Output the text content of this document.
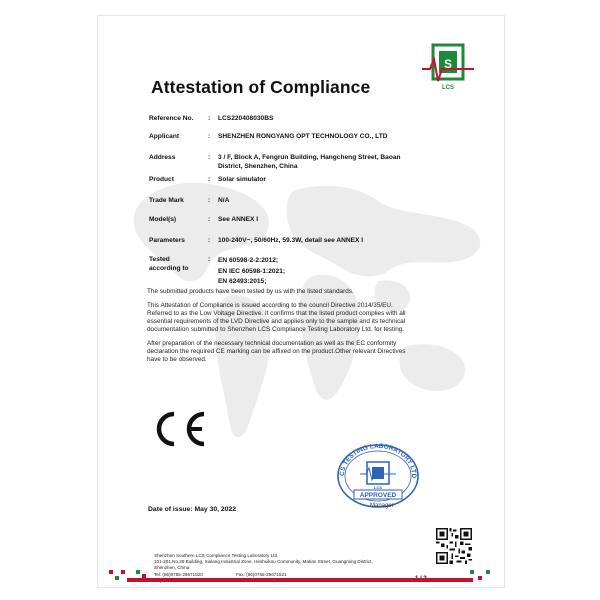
S
LCS
Attestation of Compliance
Reference No.	: LCS220408030BS
Applicant	: SHENZHEN RONGYANG OPT TECHNOLOGY CO., LTD
Address	: 3 / F, Block A, Fengrun Building, Hangcheng Street, Baoan
District, Shenzhen, China
Product	: Solar simulator
Trade Mark	: N/A
Model(s)	: See ANNEX I
Parameters	: 100-240V~, 50/60Hz, 59.3W, detail see ANNEX I
Tested
according to
: EN 60598-2-2:2012;
EN IEC 60598-1:2021;
EN 62493:2015;
The submitted products have been tested by us with the listed standards.
This Attestation of Compliance is issued according to the council Directive 2014/35/EU.
Referred to as the Low Voltage Directive. It confirms that the listed product complies with all
essential requirements of the LVD Directive and applies only to the sample and its technical
documentation submitted to Shenzhen LCS Compliance Testing Laboratory Ltd. for testing.
After preparation of the necessary technical documentation as well as the EC conformity
declaration the required CE marking can be affixed on the product.Other relevant Directives
have to be observed.
CS TESTING LABORATORY LTD
LCS
APPROVED
Manager
Date of issue: May 30, 2022
Shenzhen Southern LCS Compliance Testing Laboratory Ltd.
101-201,No.39 Building, Xialang Industrial Zone, Heshuikou Community, Matian Street, Guangming District,
Shenzhen, China
Tel: (86)0755-29671520	Fax: (86)0755-29671521
